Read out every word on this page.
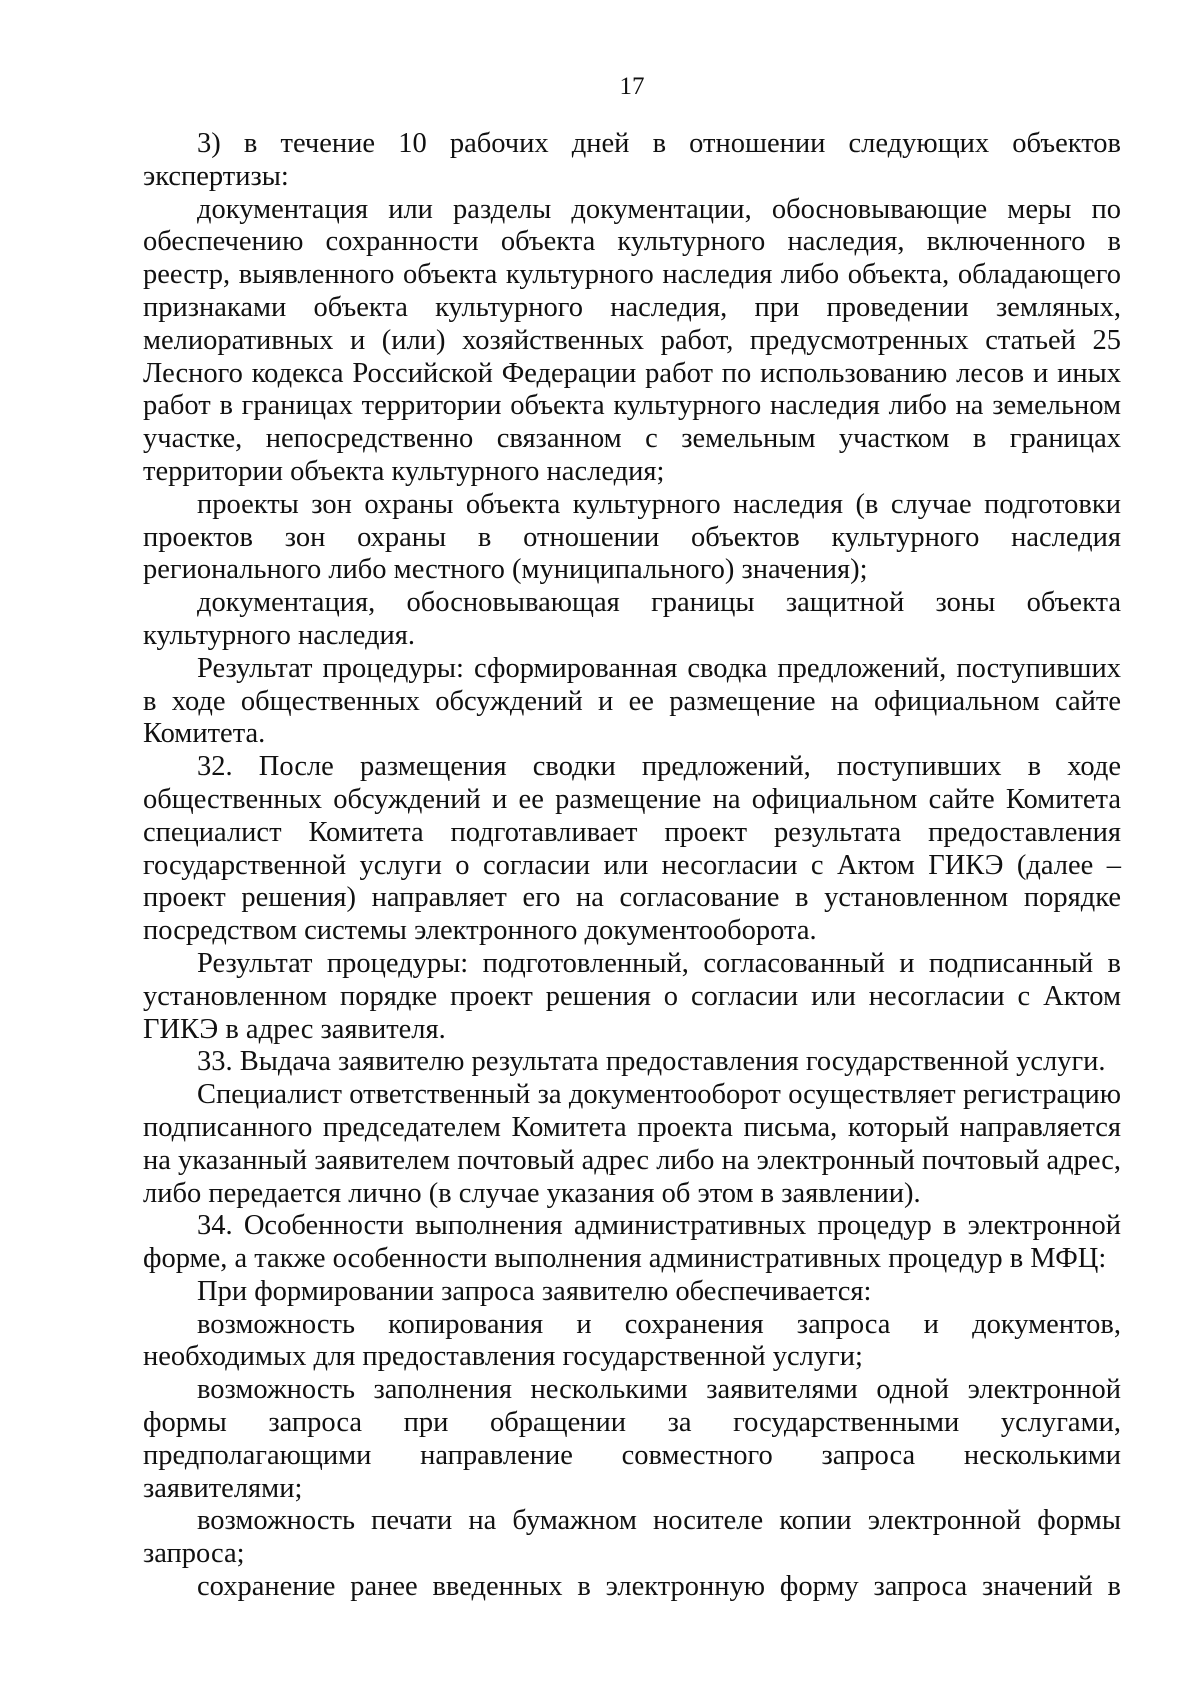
17

3) в течение 10 рабочих дней в отношении следующих объектов экспертизы:

документация или разделы документации, обосновывающие меры по обеспечению сохранности объекта культурного наследия, включенного в реестр, выявленного объекта культурного наследия либо объекта, обладающего признаками объекта культурного наследия, при проведении земляных, мелиоративных и (или) хозяйственных работ, предусмотренных статьей 25 Лесного кодекса Российской Федерации работ по использованию лесов и иных работ в границах территории объекта культурного наследия либо на земельном участке, непосредственно связанном с земельным участком в границах территории объекта культурного наследия;

проекты зон охраны объекта культурного наследия (в случае подготовки проектов зон охраны в отношении объектов культурного наследия регионального либо местного (муниципального) значения);

документация, обосновывающая границы защитной зоны объекта культурного наследия.

Результат процедуры: сформированная сводка предложений, поступивших в ходе общественных обсуждений и ее размещение на официальном сайте Комитета.

32. После размещения сводки предложений, поступивших в ходе общественных обсуждений и ее размещение на официальном сайте Комитета специалист Комитета подготавливает проект результата предоставления государственной услуги о согласии или несогласии с Актом ГИКЭ (далее – проект решения) направляет его на согласование в установленном порядке посредством системы электронного документооборота.

Результат процедуры: подготовленный, согласованный и подписанный в установленном порядке проект решения о согласии или несогласии с Актом ГИКЭ в адрес заявителя.

33. Выдача заявителю результата предоставления государственной услуги.

Специалист ответственный за документооборот осуществляет регистрацию подписанного председателем Комитета проекта письма, который направляется на указанный заявителем почтовый адрес либо на электронный почтовый адрес, либо передается лично (в случае указания об этом в заявлении).

34. Особенности выполнения административных процедур в электронной форме, а также особенности выполнения административных процедур в МФЦ:

При формировании запроса заявителю обеспечивается:

возможность копирования и сохранения запроса и документов, необходимых для предоставления государственной услуги;

возможность заполнения несколькими заявителями одной электронной формы запроса при обращении за государственными услугами, предполагающими направление совместного запроса несколькими заявителями;

возможность печати на бумажном носителе копии электронной формы запроса;

сохранение ранее введенных в электронную форму запроса значений в
